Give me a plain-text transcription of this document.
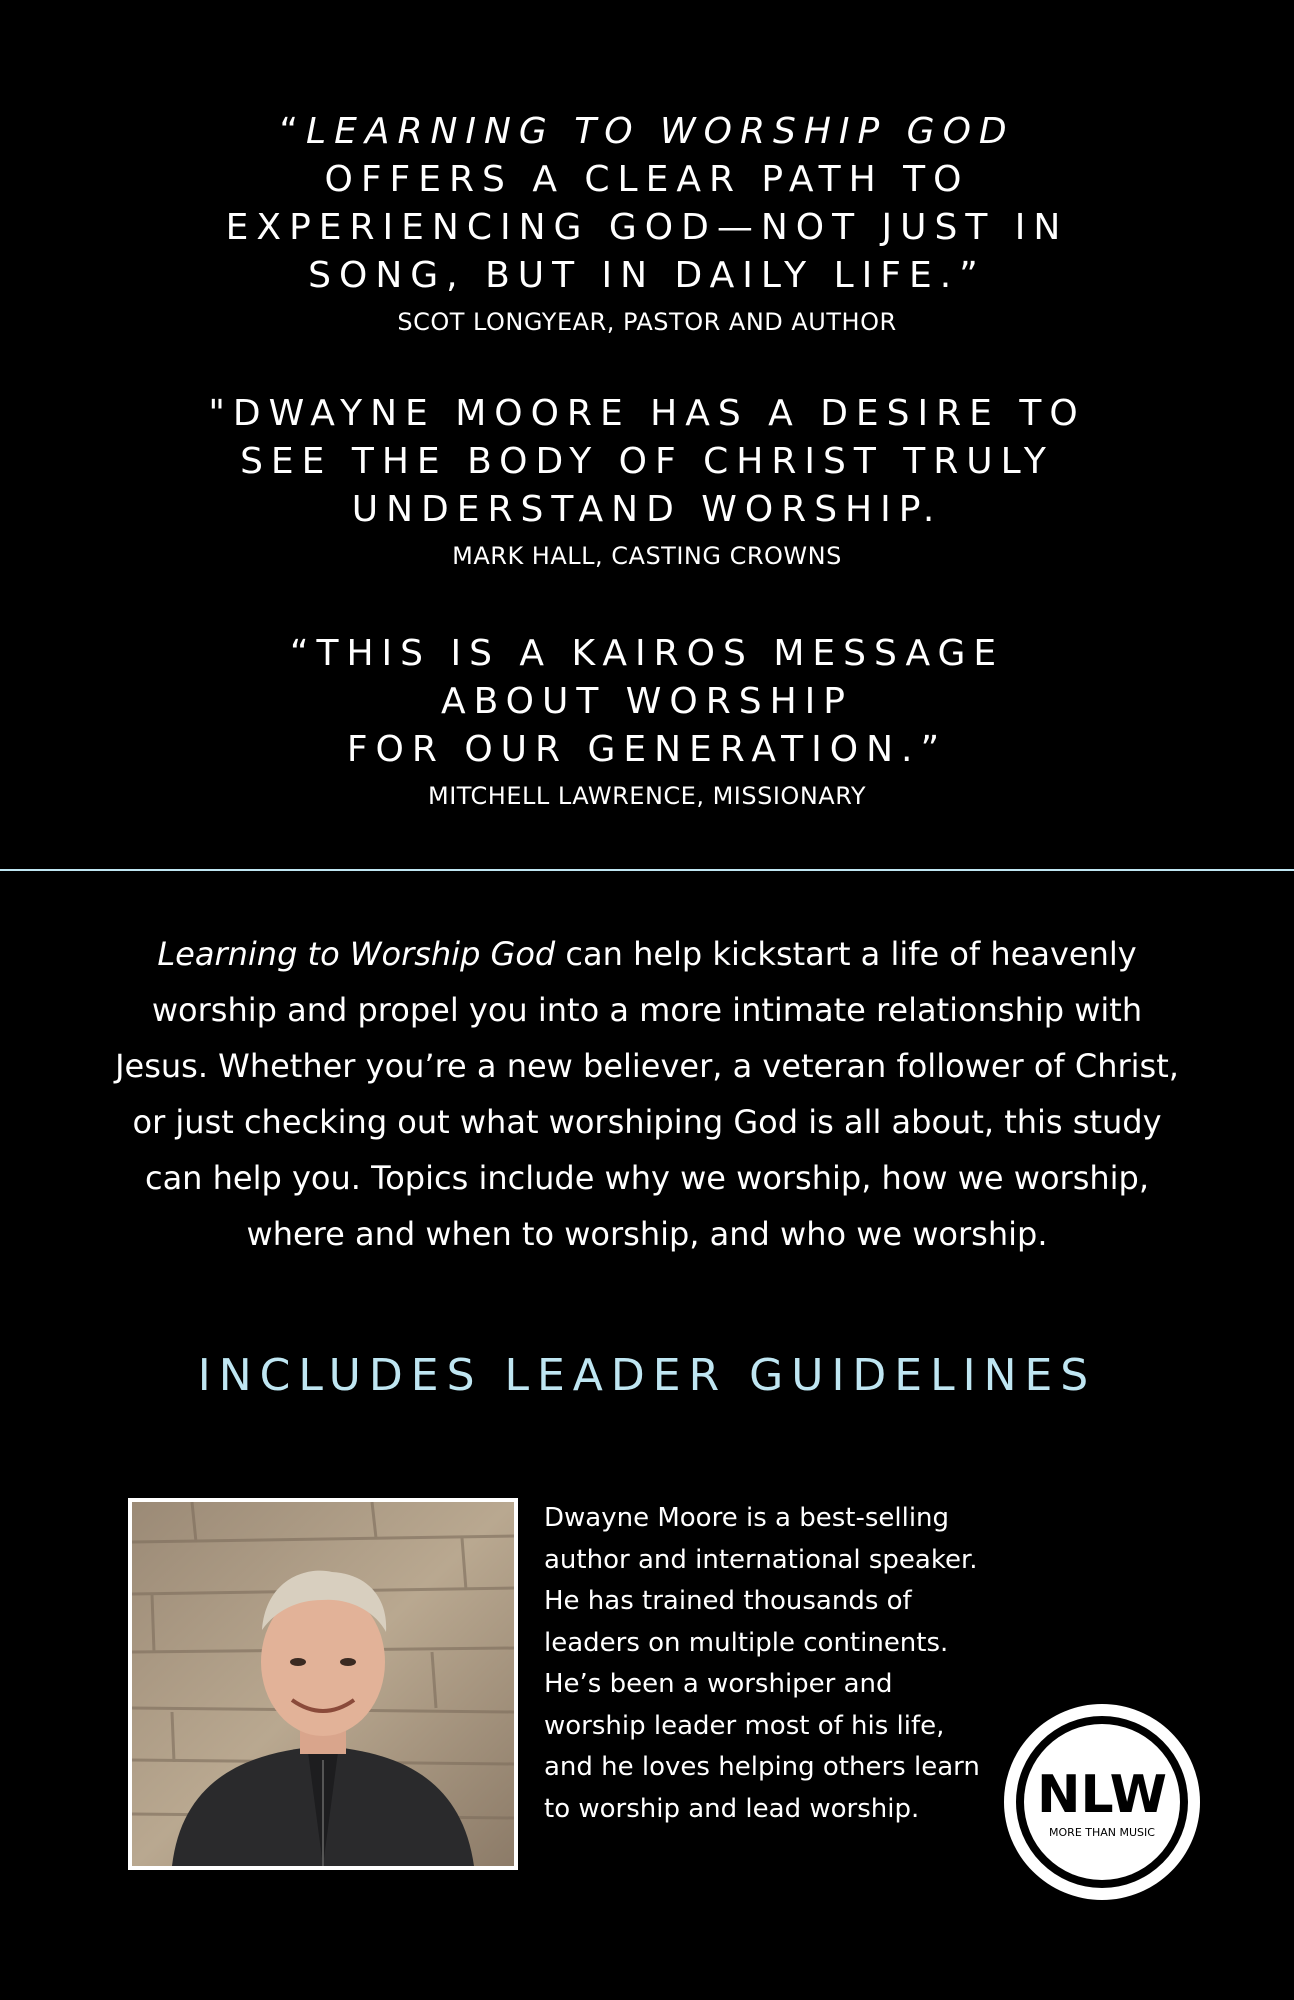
“LEARNING TO WORSHIP GOD
OFFERS A CLEAR PATH TO
EXPERIENCING GOD—NOT JUST IN
SONG, BUT IN DAILY LIFE.”

SCOT LONGYEAR, PASTOR AND AUTHOR

"DWAYNE MOORE HAS A DESIRE TO
SEE THE BODY OF CHRIST TRULY
UNDERSTAND WORSHIP.

MARK HALL, CASTING CROWNS

“THIS IS A KAIROS MESSAGE
ABOUT WORSHIP
FOR OUR GENERATION.”

MITCHELL LAWRENCE, MISSIONARY

Learning to Worship God can help kickstart a life of heavenly worship and propel you into a more intimate relationship with Jesus. Whether you’re a new believer, a veteran follower of Christ, or just checking out what worshiping God is all about, this study can help you. Topics include why we worship, how we worship, where and when to worship, and who we worship.

INCLUDES LEADER GUIDELINES

Dwayne Moore is a best-selling author and international speaker. He has trained thousands of leaders on multiple continents. He’s been a worshiper and worship leader most of his life, and he loves helping others learn to worship and lead worship.	NLW
MORE THAN MUSIC
